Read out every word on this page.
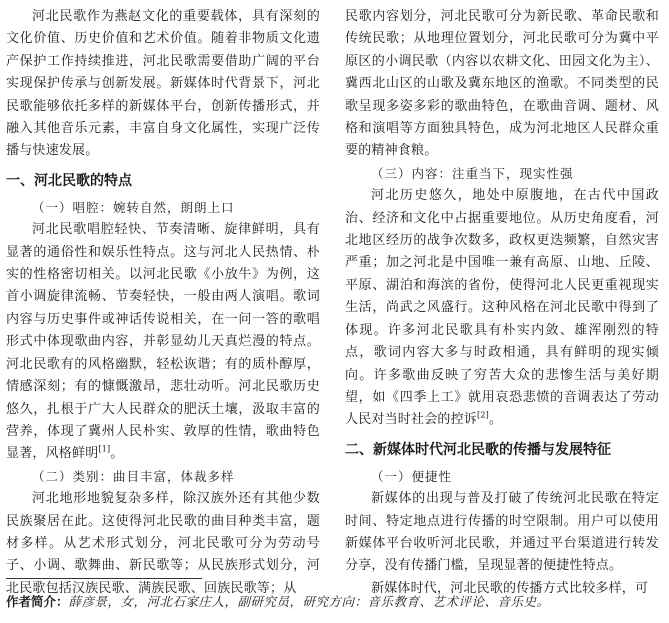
河北民歌作为燕赵文化的重要载体，具有深刻的文化价值、历史价值和艺术价值。随着非物质文化遗产保护工作持续推进，河北民歌需要借助广阔的平台实现保护传承与创新发展。新媒体时代背景下，河北民歌能够依托多样的新媒体平台，创新传播形式，并融入其他音乐元素，丰富自身文化属性，实现广泛传播与快速发展。

一、河北民歌的特点
（一）唱腔：婉转自然，朗朗上口

河北民歌唱腔轻快、节奏清晰、旋律鲜明，具有显著的通俗性和娱乐性特点。这与河北人民热情、朴实的性格密切相关。以河北民歌《小放牛》为例，这首小调旋律流畅、节奏轻快，一般由两人演唱。歌词内容与历史事件或神话传说相关，在一问一答的歌唱形式中体现歌曲内容，并彰显幼儿天真烂漫的特点。河北民歌有的风格幽默，轻松诙谐；有的质朴醇厚，情感深刻；有的慷慨激昂，悲壮动听。河北民歌历史悠久，扎根于广大人民群众的肥沃土壤，汲取丰富的营养，体现了冀州人民朴实、敦厚的性情，歌曲特色显著，风格鲜明[1]。

（二）类别：曲目丰富，体裁多样

河北地形地貌复杂多样，除汉族外还有其他少数民族聚居在此。这使得河北民歌的曲目种类丰富，题材多样。从艺术形式划分，河北民歌可分为劳动号子、小调、歌舞曲、新民歌等；从民族形式划分，河北民歌包括汉族民歌、满族民歌、回族民歌等；从

民歌内容划分，河北民歌可分为新民歌、革命民歌和传统民歌；从地理位置划分，河北民歌可分为冀中平原区的小调民歌（内容以农耕文化、田园文化为主）、冀西北山区的山歌及冀东地区的渔歌。不同类型的民歌呈现多姿多彩的歌曲特色，在歌曲音调、题材、风格和演唱等方面独具特色，成为河北地区人民群众重要的精神食粮。

（三）内容：注重当下，现实性强

河北历史悠久，地处中原腹地，在古代中国政治、经济和文化中占据重要地位。从历史角度看，河北地区经历的战争次数多，政权更迭频繁，自然灾害严重；加之河北是中国唯一兼有高原、山地、丘陵、平原、湖泊和海滨的省份，使得河北人民更重视现实生活，尚武之风盛行。这种风格在河北民歌中得到了体现。许多河北民歌具有朴实内敛、雄浑刚烈的特点，歌词内容大多与时政相通，具有鲜明的现实倾向。许多歌曲反映了穷苦大众的悲惨生活与美好期望，如《四季上工》就用哀恐悲愤的音调表达了劳动人民对当时社会的控诉[2]。

二、新媒体时代河北民歌的传播与发展特征
（一）便捷性

新媒体的出现与普及打破了传统河北民歌在特定时间、特定地点进行传播的时空限制。用户可以使用新媒体平台收听河北民歌，并通过平台渠道进行转发分享，没有传播门槛，呈现显著的便捷性特点。

新媒体时代，河北民歌的传播方式比较多样，可

作者简介：薛彦景，女，河北石家庄人，副研究员，研究方向：音乐教育、艺术评论、音乐史。
